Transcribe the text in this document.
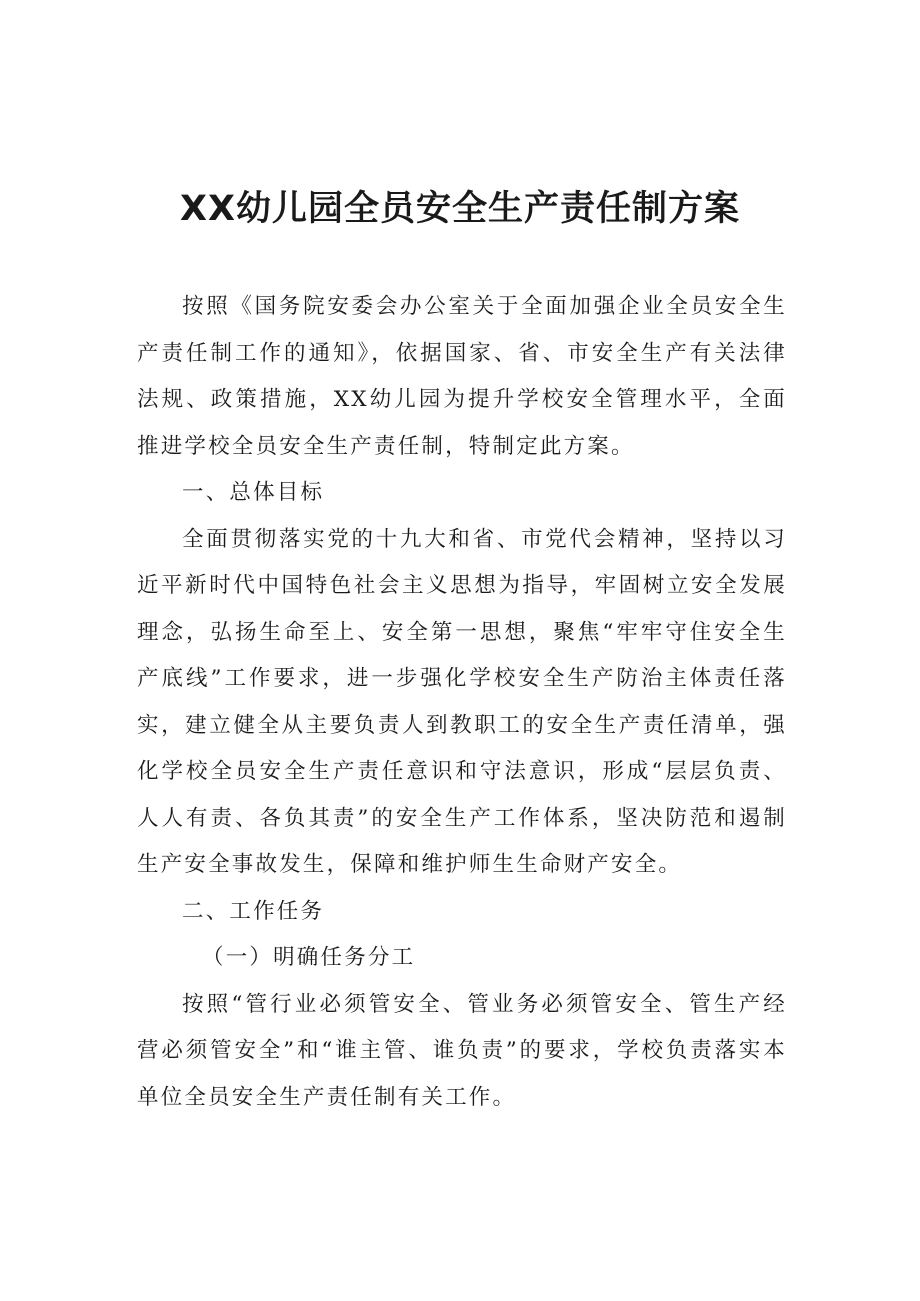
XX幼儿园全员安全生产责任制方案

按照《国务院安委会办公室关于全面加强企业全员安全生产责任制工作的通知》，依据国家、省、市安全生产有关法律法规、政策措施，XX幼儿园为提升学校安全管理水平，全面推进学校全员安全生产责任制，特制定此方案。

一、总体目标

全面贯彻落实党的十九大和省、市党代会精神，坚持以习近平新时代中国特色社会主义思想为指导，牢固树立安全发展理念，弘扬生命至上、安全第一思想，聚焦“牢牢守住安全生产底线”工作要求，进一步强化学校安全生产防治主体责任落实，建立健全从主要负责人到教职工的安全生产责任清单，强化学校全员安全生产责任意识和守法意识，形成“层层负责、人人有责、各负其责”的安全生产工作体系，坚决防范和遏制生产安全事故发生，保障和维护师生生命财产安全。

二、工作任务

（一）明确任务分工

按照“管行业必须管安全、管业务必须管安全、管生产经营必须管安全”和“谁主管、谁负责”的要求，学校负责落实本单位全员安全生产责任制有关工作。
